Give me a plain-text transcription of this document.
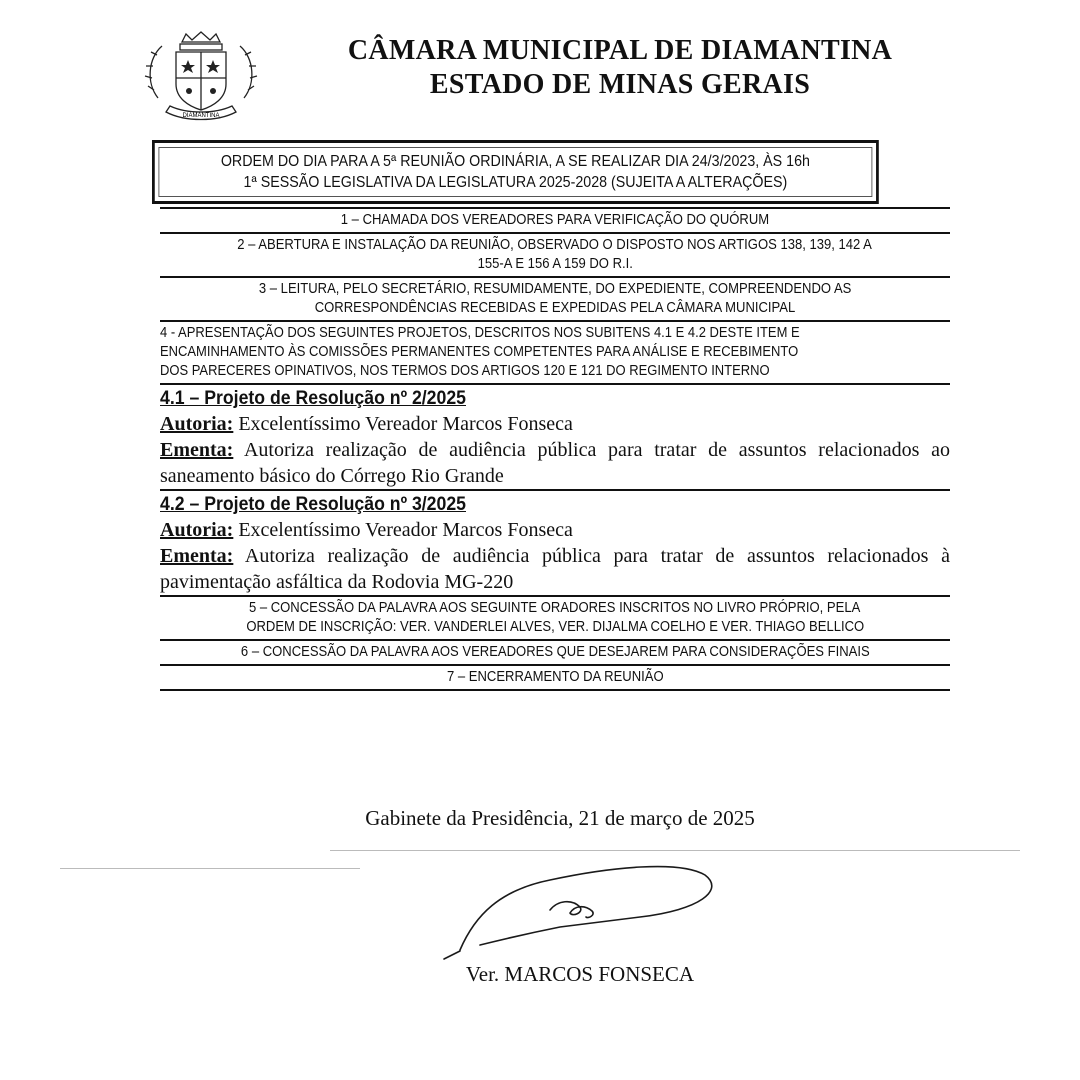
DIAMANTINA
CÂMARA MUNICIPAL DE DIAMANTINA
ESTADO DE MINAS GERAIS
ORDEM DO DIA PARA A 5ª REUNIÃO ORDINÁRIA, A SE REALIZAR DIA 24/3/2023, ÀS 16h
1ª SESSÃO LEGISLATIVA DA LEGISLATURA 2025-2028 (SUJEITA A ALTERAÇÕES)
1 – CHAMADA DOS VEREADORES PARA VERIFICAÇÃO DO QUÓRUM
2 – ABERTURA E INSTALAÇÃO DA REUNIÃO, OBSERVADO O DISPOSTO NOS ARTIGOS 138, 139, 142 A
155-A E 156 A 159 DO R.I.
3 – LEITURA, PELO SECRETÁRIO, RESUMIDAMENTE, DO EXPEDIENTE, COMPREENDENDO AS
CORRESPONDÊNCIAS RECEBIDAS E EXPEDIDAS PELA CÂMARA MUNICIPAL
4 - APRESENTAÇÃO DOS SEGUINTES PROJETOS, DESCRITOS NOS SUBITENS 4.1 E 4.2 DESTE ITEM E
ENCAMINHAMENTO ÀS COMISSÕES PERMANENTES COMPETENTES PARA ANÁLISE E RECEBIMENTO
DOS PARECERES OPINATIVOS, NOS TERMOS DOS ARTIGOS 120 E 121 DO REGIMENTO INTERNO
4.1 – Projeto de Resolução nº 2/2025
Autoria: Excelentíssimo Vereador Marcos Fonseca
Ementa: Autoriza realização de audiência pública para tratar de assuntos relacionados ao saneamento básico do Córrego Rio Grande
4.2 – Projeto de Resolução nº 3/2025
Autoria: Excelentíssimo Vereador Marcos Fonseca
Ementa: Autoriza realização de audiência pública para tratar de assuntos relacionados à pavimentação asfáltica da Rodovia MG-220
5 – CONCESSÃO DA PALAVRA AOS SEGUINTE ORADORES INSCRITOS NO LIVRO PRÓPRIO, PELA
ORDEM DE INSCRIÇÃO: VER. VANDERLEI ALVES, VER. DIJALMA COELHO E VER. THIAGO BELLICO
6 – CONCESSÃO DA PALAVRA AOS VEREADORES QUE DESEJAREM PARA CONSIDERAÇÕES FINAIS
7 – ENCERRAMENTO DA REUNIÃO
Gabinete da Presidência, 21 de março de 2025
Ver. MARCOS FONSECA
